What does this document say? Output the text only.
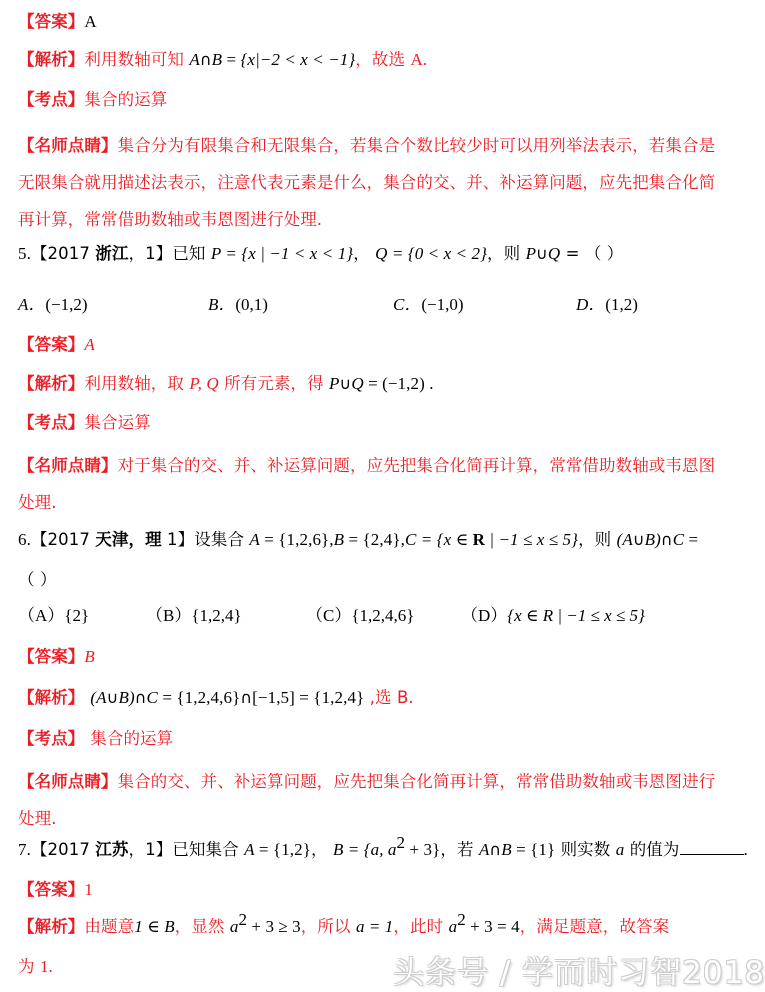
【答案】A
【解析】利用数轴可知 A∩B = {x|−2 < x < −1}，故选 A.
【考点】集合的运算
【名师点睛】集合分为有限集合和无限集合，若集合个数比较少时可以用列举法表示，若集合是无限集合就用描述法表示，注意代表元素是什么，集合的交、并、补运算问题，应先把集合化简再计算，常常借助数轴或韦恩图进行处理.
5.【2017 浙江，1】已知 P = {x | −1 < x < 1}， Q = {0 < x < 2}，则 P∪Q = （ ）
A．(−1,2)	B．(0,1)	C．(−1,0)	D．(1,2)
【答案】A
【解析】利用数轴，取 P, Q 所有元素，得 P∪Q = (−1,2) .
【考点】集合运算
【名师点睛】对于集合的交、并、补运算问题，应先把集合化简再计算，常常借助数轴或韦恩图处理.
6.【2017 天津，理 1】设集合 A = {1,2,6},B = {2,4},C = {x ∈ R | −1 ≤ x ≤ 5}，则 (A∪B)∩C =
（ ）
（A）{2}	（B）{1,2,4}	（C）{1,2,4,6}	（D）{x ∈ R | −1 ≤ x ≤ 5}
【答案】B
【解析】 (A∪B)∩C = {1,2,4,6}∩[−1,5] = {1,2,4} ,选 B.
【考点】 集合的运算
【名师点睛】集合的交、并、补运算问题，应先把集合化简再计算，常常借助数轴或韦恩图进行处理.
7.【2017 江苏，1】已知集合 A = {1,2}， B = {a, $a^2 + 3$}，若 A∩B = {1} 则实数 a 的值为	.
【答案】1
【解析】由题意1 ∈ B，显然 $a^2 + 3 \ge 3$，所以 a = 1，此时 $a^2 + 3 = 4$，满足题意，故答案
为 1.	头条号 / 学而时习智2018
